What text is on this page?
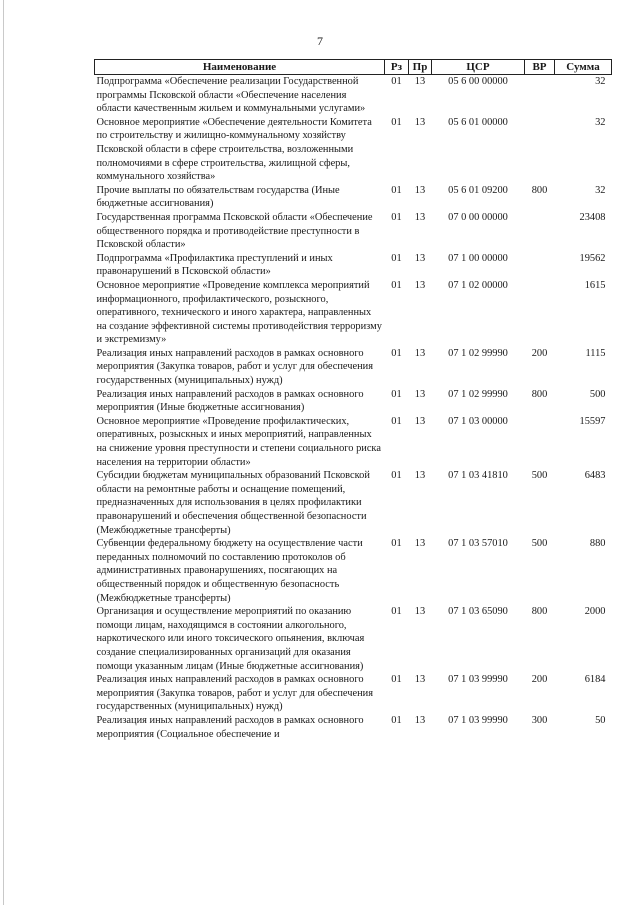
7
Наименование	Рз	Пр	ЦСР	ВР	Сумма
Подпрограмма «Обеспечение реализации Государственной программы Псковской области «Обеспечение населения области качественным жильем и коммунальными услугами»	01	13	05 6 00 00000		32
Основное мероприятие «Обеспечение деятельности Комитета по строительству и жилищно-коммунальному хозяйству Псковской области в сфере строительства, возложенными полномочиями в сфере строительства, жилищной сферы, коммунального хозяйства»	01	13	05 6 01 00000		32
Прочие выплаты по обязательствам государства (Иные бюджетные ассигнования)	01	13	05 6 01 09200	800	32
Государственная программа Псковской области «Обеспечение общественного порядка и противодействие преступности в Псковской области»	01	13	07 0 00 00000		23408
Подпрограмма «Профилактика преступлений и иных правонарушений в Псковской области»	01	13	07 1 00 00000		19562
Основное мероприятие «Проведение комплекса мероприятий информационного, профилактического, розыскного, оперативного, технического и иного характера, направленных на создание эффективной системы противодействия терроризму и экстремизму»	01	13	07 1 02 00000		1615
Реализация иных направлений расходов в рамках основного мероприятия (Закупка товаров, работ и услуг для обеспечения государственных (муниципальных) нужд)	01	13	07 1 02 99990	200	1115
Реализация иных направлений расходов в рамках основного мероприятия (Иные бюджетные ассигнования)	01	13	07 1 02 99990	800	500
Основное мероприятие «Проведение профилактических, оперативных, розыскных и иных мероприятий, направленных на снижение уровня преступности и степени социального риска населения на территории области»	01	13	07 1 03 00000		15597
Субсидии бюджетам муниципальных образований Псковской области на ремонтные работы и оснащение помещений, предназначенных для использования в целях профилактики правонарушений и обеспечения общественной безопасности (Межбюджетные трансферты)	01	13	07 1 03 41810	500	6483
Субвенции федеральному бюджету на осуществление части переданных полномочий по составлению протоколов об административных правонарушениях, посягающих на общественный порядок и общественную безопасность (Межбюджетные трансферты)	01	13	07 1 03 57010	500	880
Организация и осуществление мероприятий по оказанию помощи лицам, находящимся в состоянии алкогольного, наркотического или иного токсического опьянения, включая создание специализированных организаций для оказания помощи указанным лицам (Иные бюджетные ассигнования)	01	13	07 1 03 65090	800	2000
Реализация иных направлений расходов в рамках основного мероприятия (Закупка товаров, работ и услуг для обеспечения государственных (муниципальных) нужд)	01	13	07 1 03 99990	200	6184
Реализация иных направлений расходов в рамках основного мероприятия (Социальное обеспечение и	01	13	07 1 03 99990	300	50
